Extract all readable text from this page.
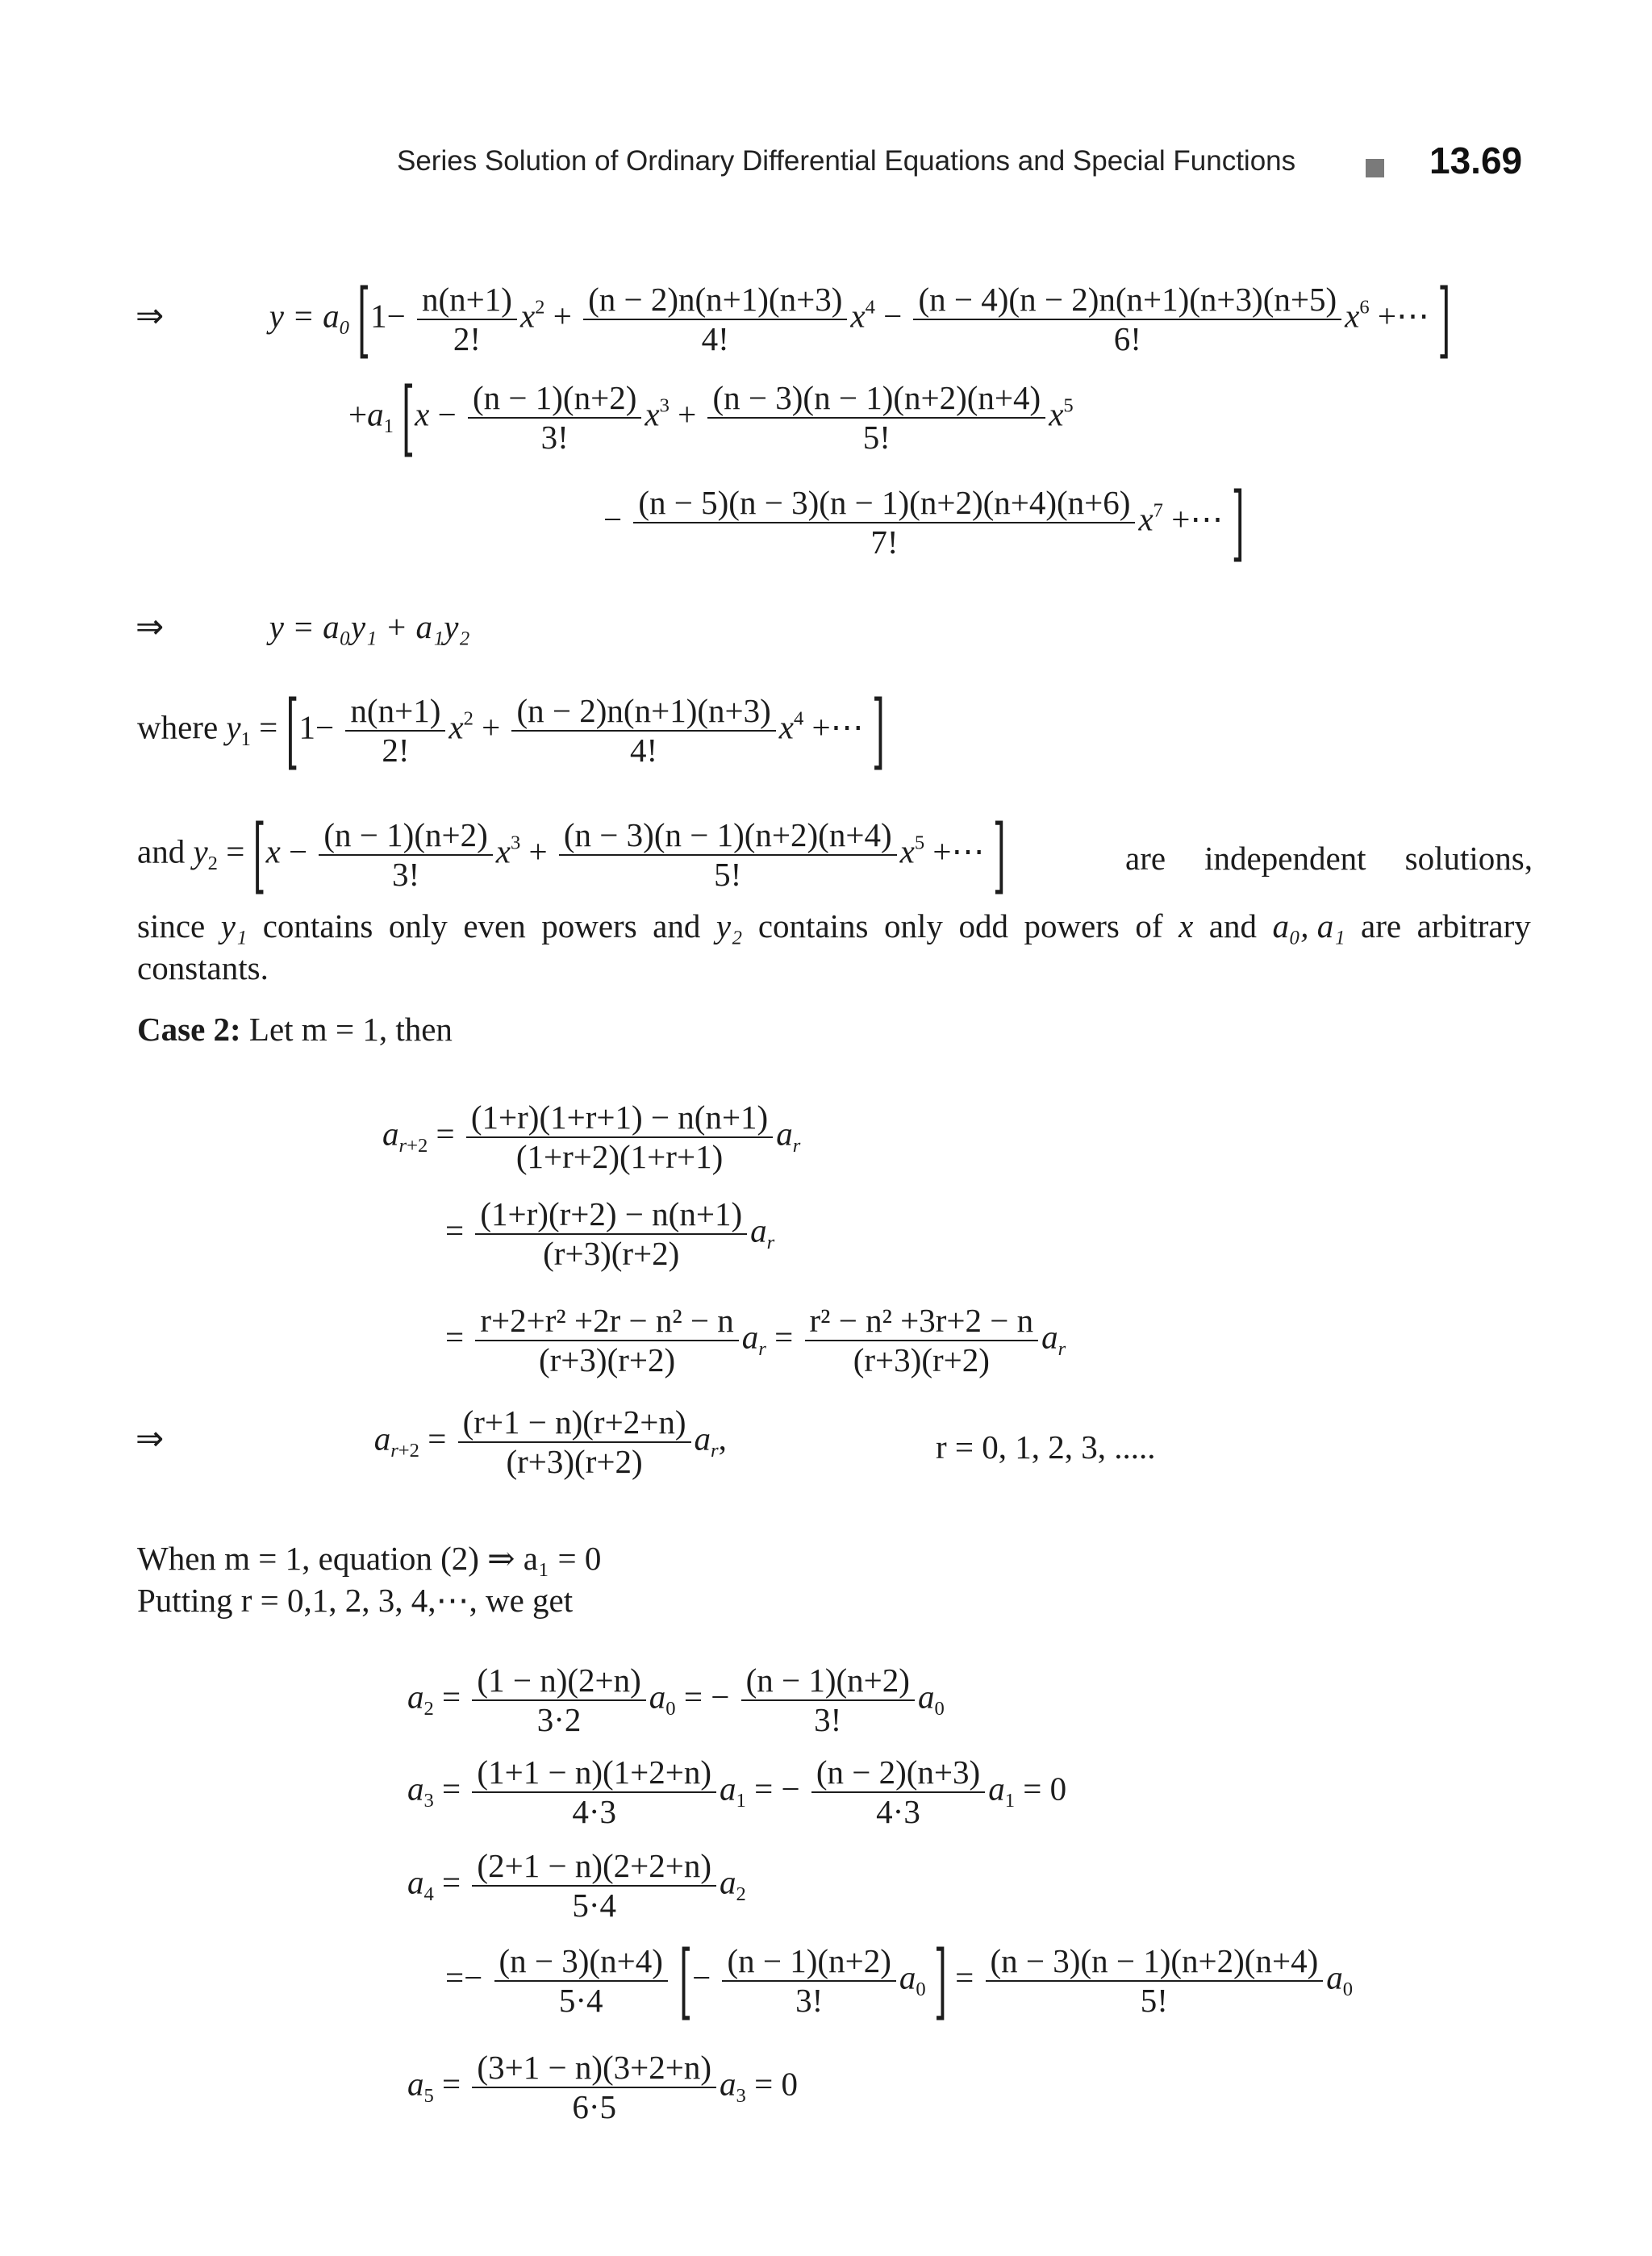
Series Solution of Ordinary Differential Equations and Special Functions	13.69
⇒	$y = a_0$ [$1- \frac{n(n+1)}{2!} x^2 + \frac{(n - 2)n(n+1)(n+3)}{4!} x^4 - \frac{(n - 4)(n - 2)n(n+1)(n+3)(n+5)}{6!} x^6$ +⋯ ]
$+a_1$ [$x - \frac{(n - 1)(n+2)}{3!} x^3 + \frac{(n - 3)(n - 1)(n+2)(n+4)}{5!} x^5$
− $\frac{(n - 5)(n - 3)(n - 1)(n+2)(n+4)(n+6)}{7!} x^7$ +⋯ ]
⇒	y = a₀y₁ + a₁y₂
where $y_1 = [1- \frac{n(n+1)}{2!} x^2 + \frac{(n - 2)n(n+1)(n+3)}{4!} x^4$ +⋯ ]
and $y_2 = [x - \frac{(n - 1)(n+2)}{3!} x^3 + \frac{(n - 3)(n - 1)(n+2)(n+4)}{5!} x^5$ +⋯ ]	are independent solutions,
since y₁ contains only even powers and y₂ contains only odd powers of x and a₀, a₁ are arbitrary
constants.
Case 2: Let m = 1, then
$a_{r+2} = \frac{(1+r)(1+r+1) - n(n+1)}{(1+r+2)(1+r+1)} a_r$
= $\frac{(1+r)(r+2) - n(n+1)}{(r+3)(r+2)} a_r$
= $\frac{\text{r+2+r² +2r − n² − n}}{(r+3)(r+2)} a_r = \frac{\text{r² − n² +3r+2 − n}}{(r+3)(r+2)} a_r$
⇒	$a_{r+2} = \frac{(r+1 - n)(r+2+n)}{(r+3)(r+2)} a_r$,	r = 0, 1, 2, 3, .....
When m = 1, equation (2) ⇒ a₁ = 0
Putting r = 0,1, 2, 3, 4,⋯, we get
$a_2 = \frac{(1 - n)(2+n)}{3\cdot 2} a_0$ = − $\frac{(n - 1)(n+2)}{3!} a_0$
$a_3 = \frac{(1+1 - n)(1+2+n)}{4\cdot 3} a_1$ = − $\frac{(n - 2)(n+3)}{4\cdot 3} a_1 = 0$
$a_4 = \frac{(2+1 - n)(2+2+n)}{5\cdot 4} a_2$
=− $\frac{(n - 3)(n+4)}{5\cdot 4}$ [− $\frac{(n - 1)(n+2)}{3!} a_0$ ] = $\frac{(n - 3)(n - 1)(n+2)(n+4)}{5!} a_0$
$a_5 = \frac{(3+1 - n)(3+2+n)}{6\cdot 5} a_3 = 0$
